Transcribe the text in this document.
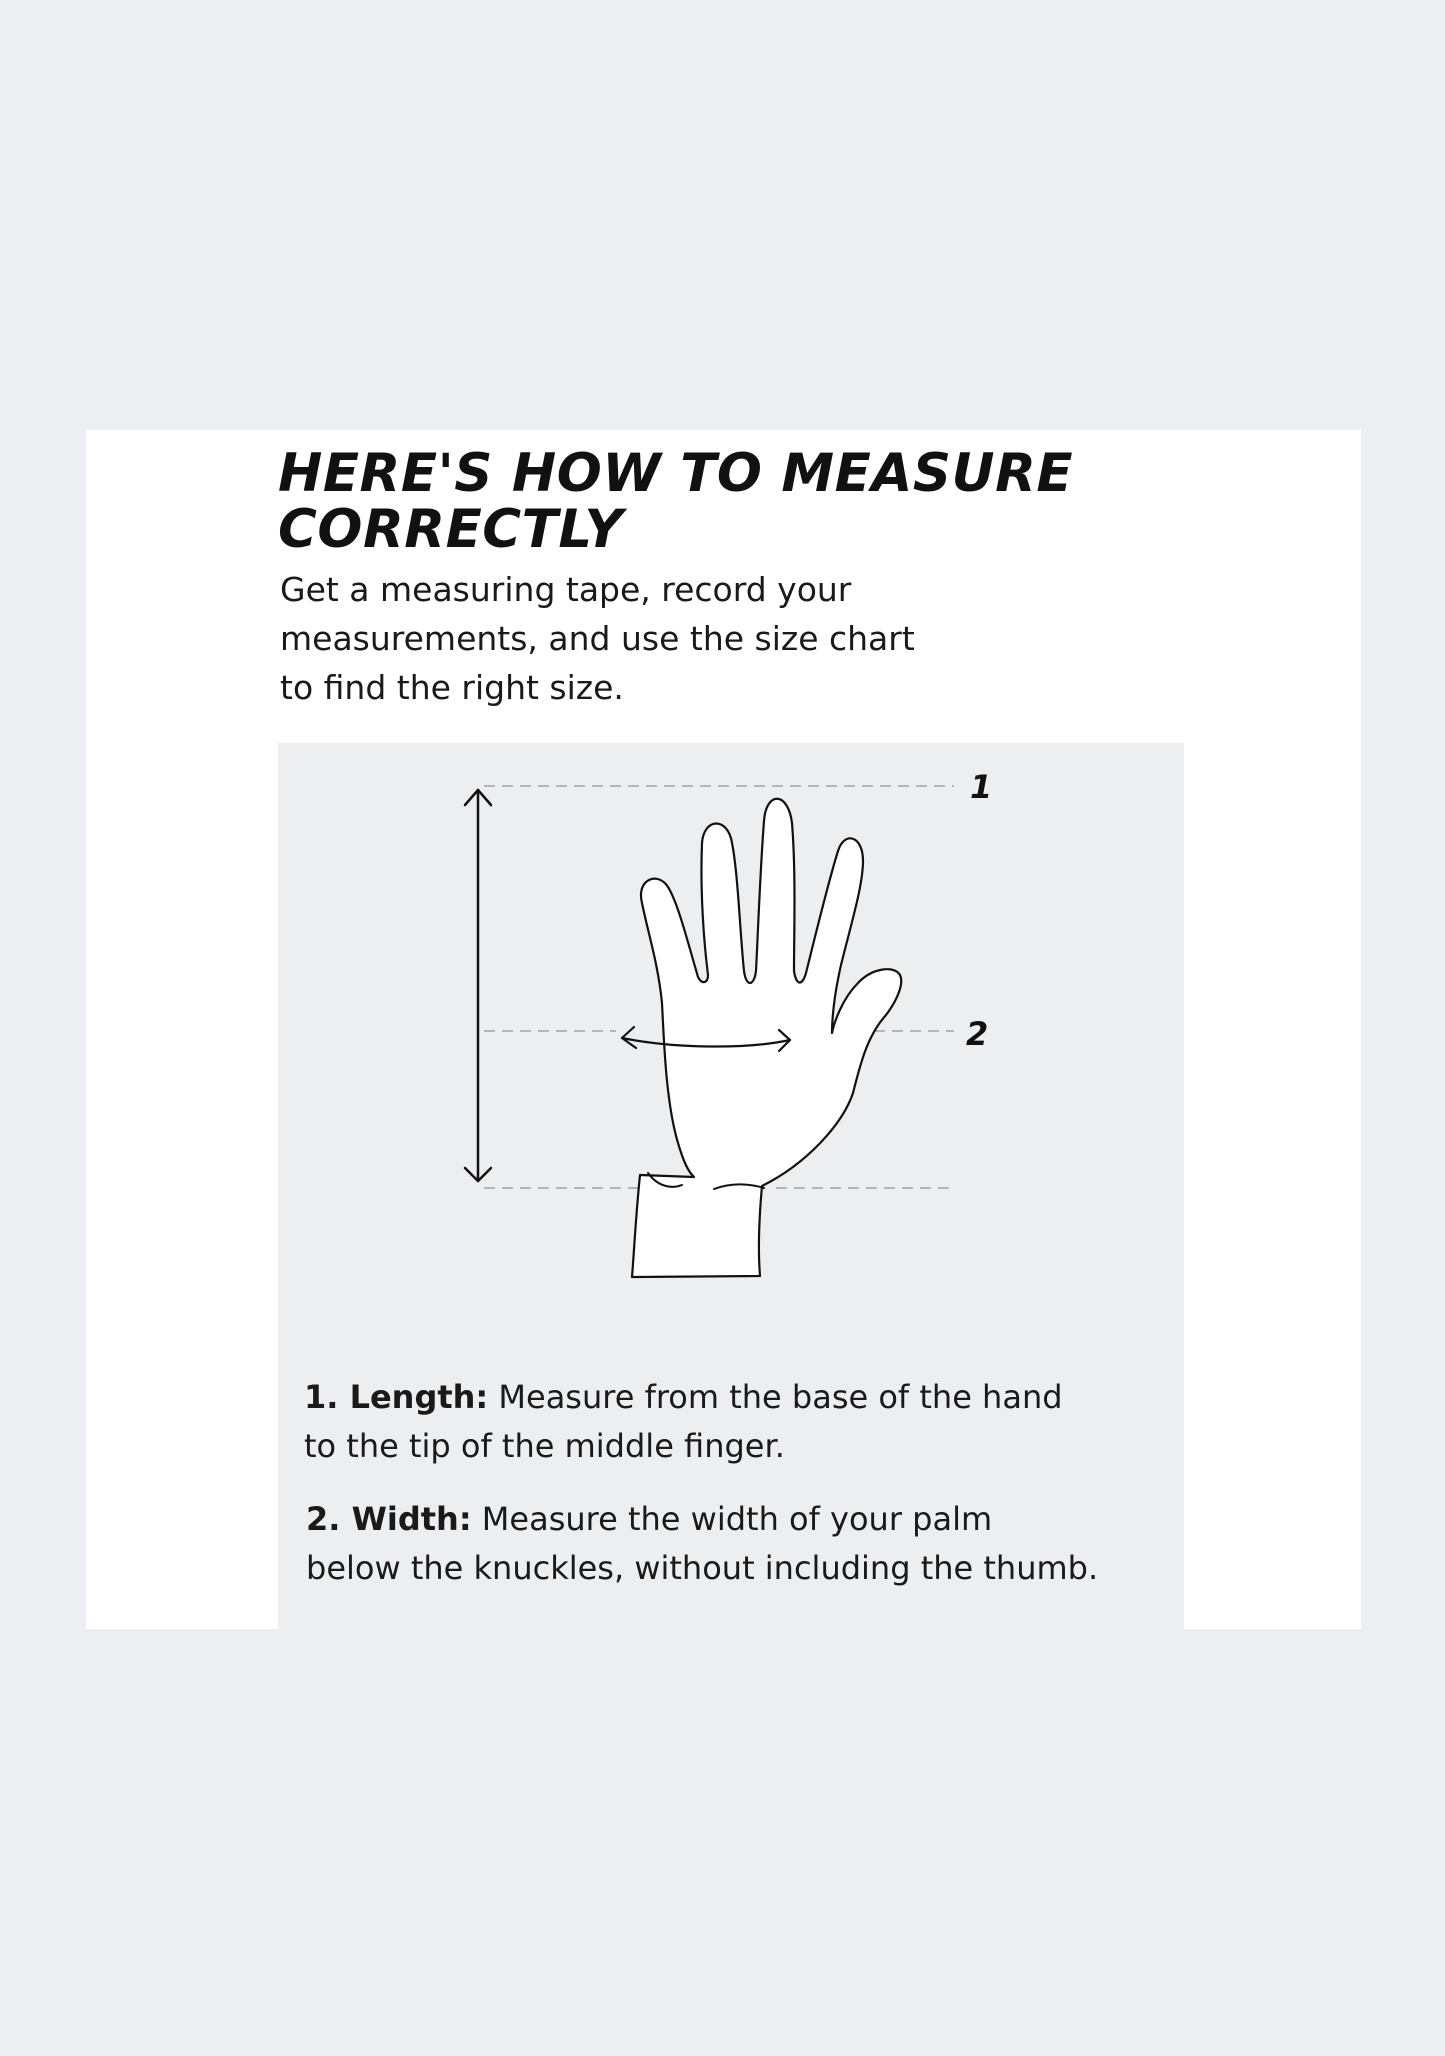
HERE'S HOW TO MEASURE
CORRECTLY

Get a measuring tape, record your
measurements, and use the size chart
to find the right size.

1
2

1. Length: Measure from the base of the hand
to the tip of the middle finger.

2. Width: Measure the width of your palm
below the knuckles, without including the thumb.
